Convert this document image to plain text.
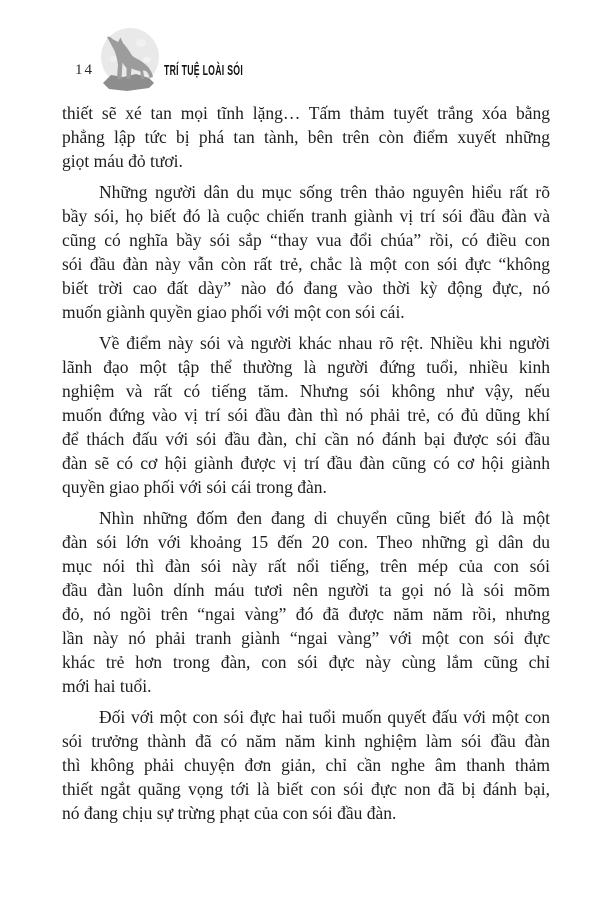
14	TRÍ TUỆ LOÀI SÓI
thiết sẽ xé tan mọi tĩnh lặng… Tấm thảm tuyết trắng xóa bằng
phẳng lập tức bị phá tan tành, bên trên còn điểm xuyết những
giọt máu đỏ tươi.
Những người dân du mục sống trên thảo nguyên hiểu rất rõ
bầy sói, họ biết đó là cuộc chiến tranh giành vị trí sói đầu đàn và
cũng có nghĩa bầy sói sắp “thay vua đổi chúa” rồi, có điều con
sói đầu đàn này vẫn còn rất trẻ, chắc là một con sói đực “không
biết trời cao đất dày” nào đó đang vào thời kỳ động đực, nó
muốn giành quyền giao phối với một con sói cái.
Về điểm này sói và người khác nhau rõ rệt. Nhiều khi người
lãnh đạo một tập thể thường là người đứng tuổi, nhiều kinh
nghiệm và rất có tiếng tăm. Nhưng sói không như vậy, nếu
muốn đứng vào vị trí sói đầu đàn thì nó phải trẻ, có đủ dũng khí
để thách đấu với sói đầu đàn, chỉ cần nó đánh bại được sói đầu
đàn sẽ có cơ hội giành được vị trí đầu đàn cũng có cơ hội giành
quyền giao phối với sói cái trong đàn.
Nhìn những đốm đen đang di chuyển cũng biết đó là một
đàn sói lớn với khoảng 15 đến 20 con. Theo những gì dân du
mục nói thì đàn sói này rất nổi tiếng, trên mép của con sói
đầu đàn luôn dính máu tươi nên người ta gọi nó là sói mõm
đỏ, nó ngồi trên “ngai vàng” đó đã được năm năm rồi, nhưng
lần này nó phải tranh giành “ngai vàng” với một con sói đực
khác trẻ hơn trong đàn, con sói đực này cùng lắm cũng chỉ
mới hai tuổi.
Đối với một con sói đực hai tuổi muốn quyết đấu với một con
sói trưởng thành đã có năm năm kinh nghiệm làm sói đầu đàn
thì không phải chuyện đơn giản, chỉ cần nghe âm thanh thảm
thiết ngắt quãng vọng tới là biết con sói đực non đã bị đánh bại,
nó đang chịu sự trừng phạt của con sói đầu đàn.
